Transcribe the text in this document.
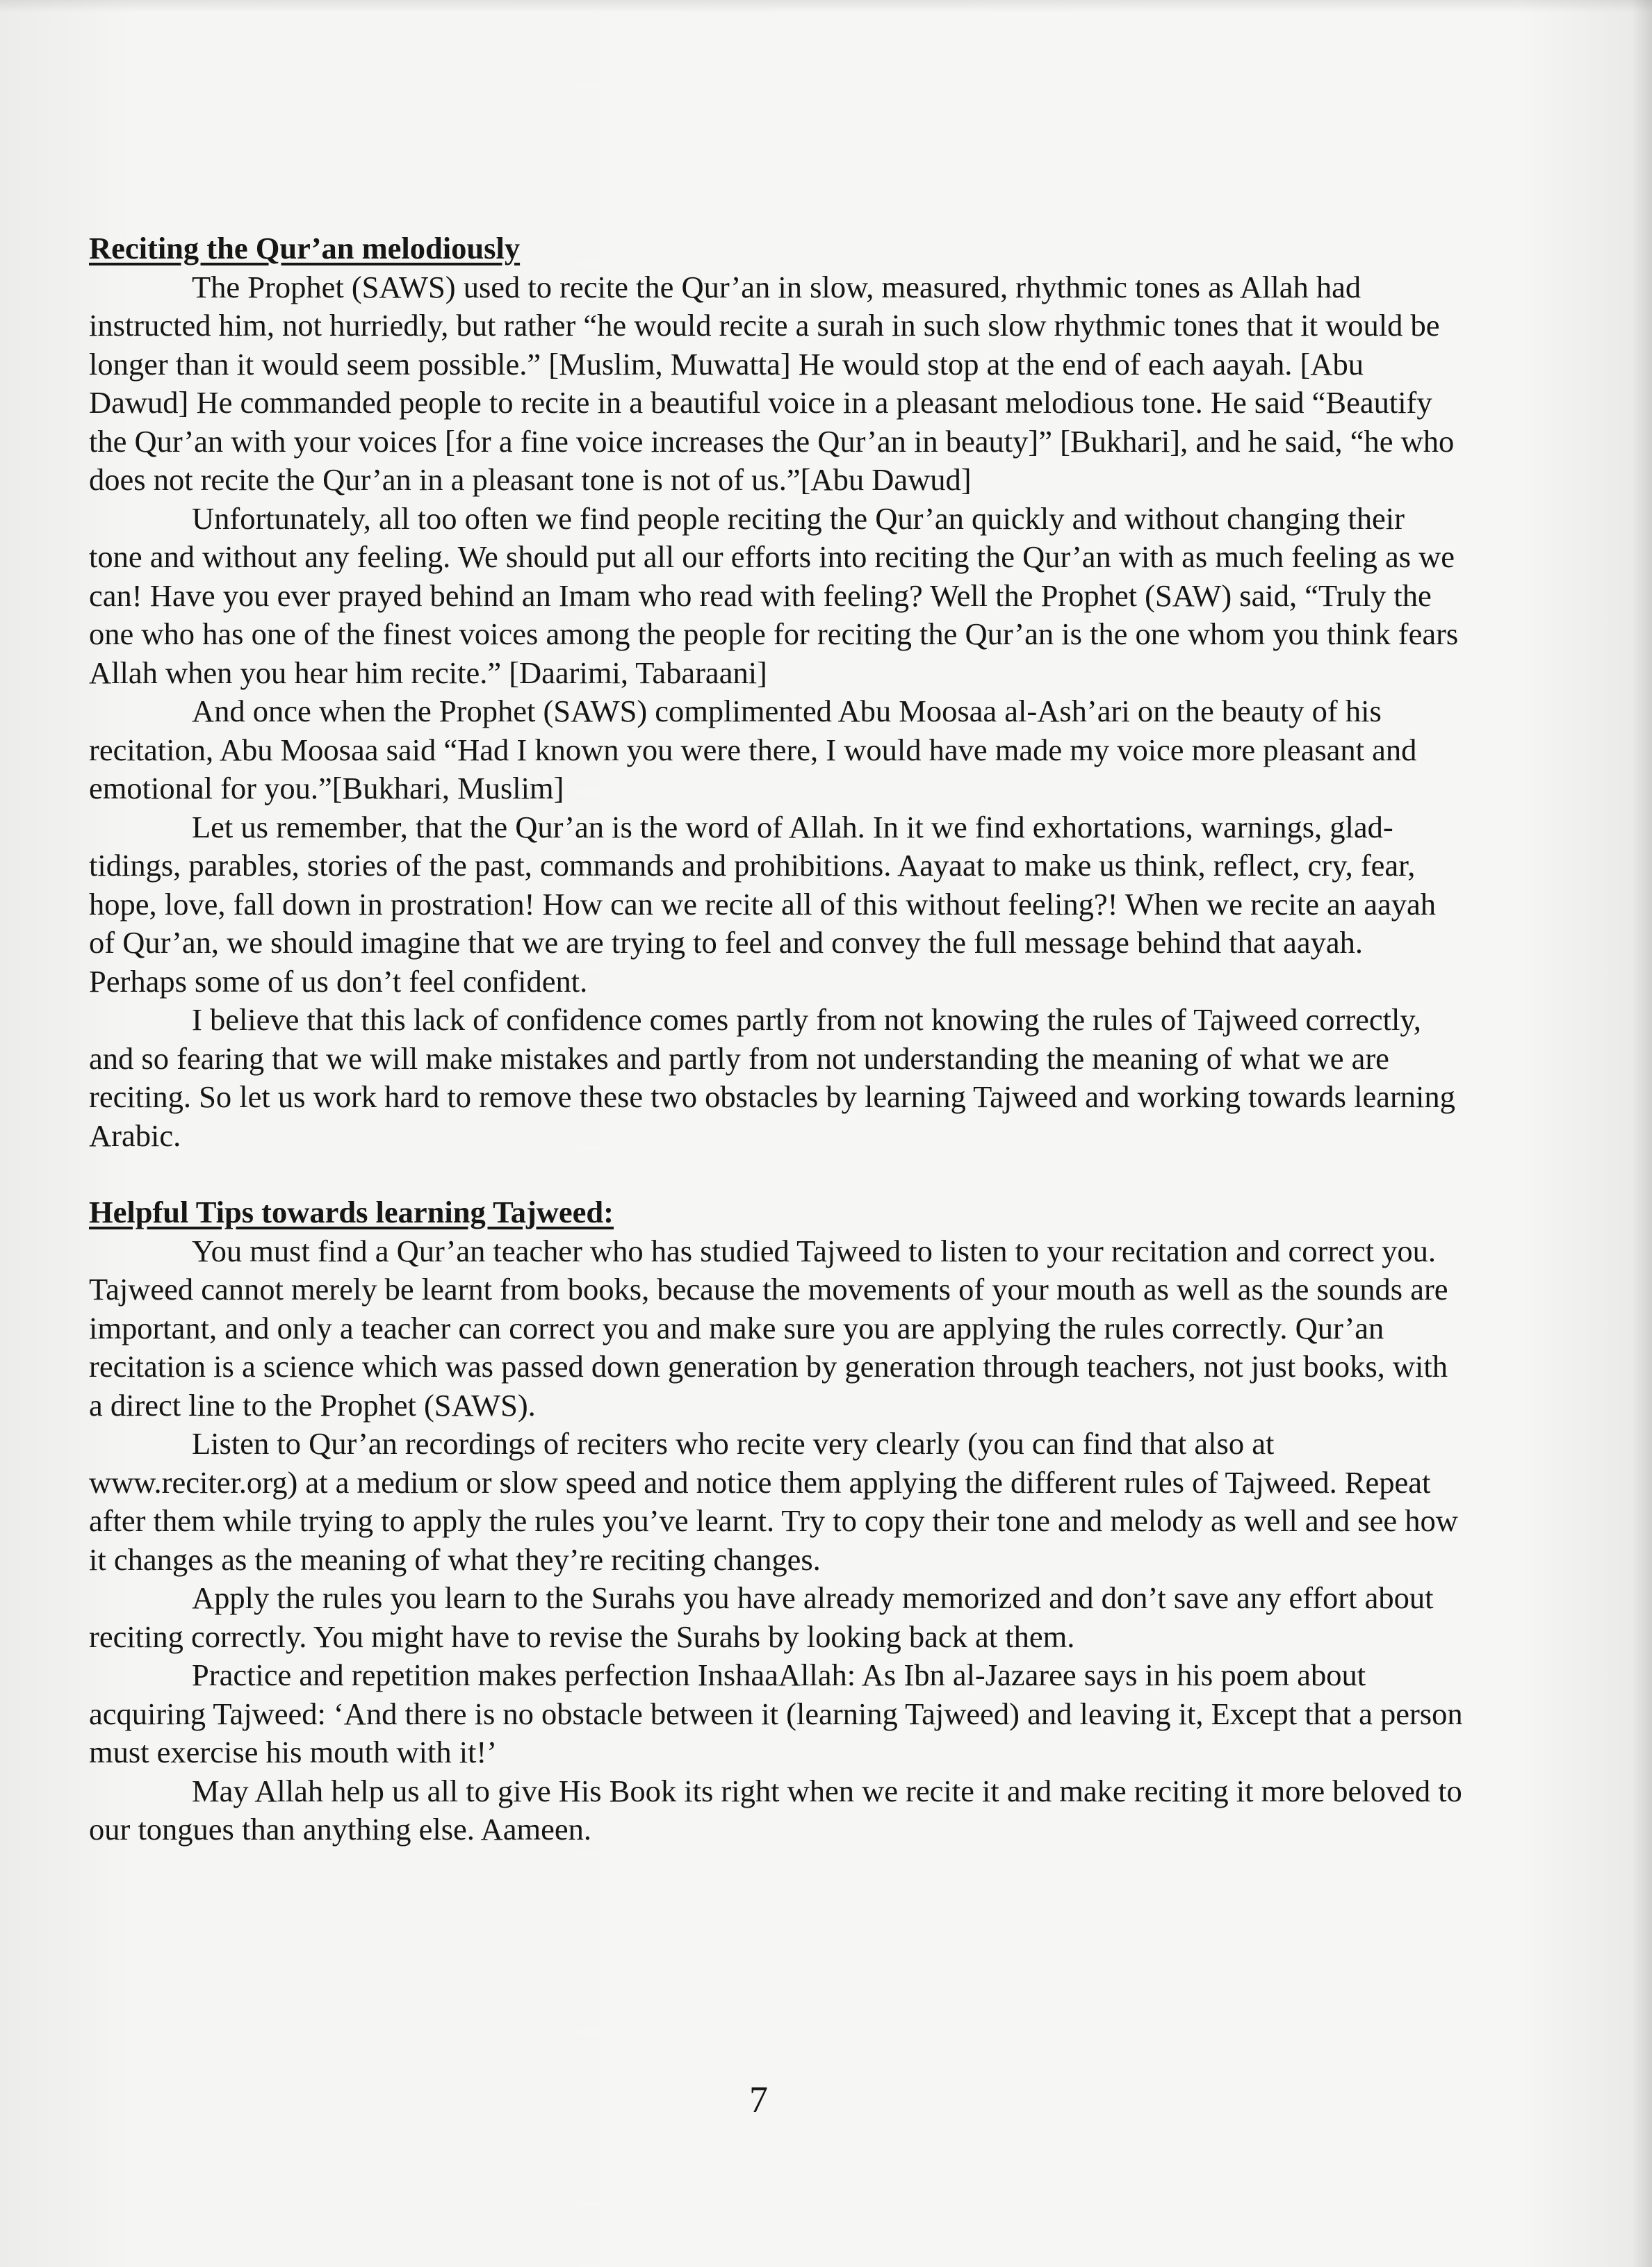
Reciting the Qur’an melodiously

The Prophet (SAWS) used to recite the Qur’an in slow, measured, rhythmic tones as Allah had instructed him, not hurriedly, but rather “he would recite a surah in such slow rhythmic tones that it would be longer than it would seem possible.” [Muslim, Muwatta] He would stop at the end of each aayah. [Abu Dawud] He commanded people to recite in a beautiful voice in a pleasant melodious tone. He said “Beautify the Qur’an with your voices [for a fine voice increases the Qur’an in beauty]” [Bukhari], and he said, “he who does not recite the Qur’an in a pleasant tone is not of us.”[Abu Dawud]

Unfortunately, all too often we find people reciting the Qur’an quickly and without changing their tone and without any feeling. We should put all our efforts into reciting the Qur’an with as much feeling as we can! Have you ever prayed behind an Imam who read with feeling? Well the Prophet (SAW) said, “Truly the one who has one of the finest voices among the people for reciting the Qur’an is the one whom you think fears Allah when you hear him recite.” [Daarimi, Tabaraani]

And once when the Prophet (SAWS) complimented Abu Moosaa al-Ash’ari on the beauty of his recitation, Abu Moosaa said “Had I known you were there, I would have made my voice more pleasant and emotional for you.”[Bukhari, Muslim]

Let us remember, that the Qur’an is the word of Allah. In it we find exhortations, warnings, glad-tidings, parables, stories of the past, commands and prohibitions. Aayaat to make us think, reflect, cry, fear, hope, love, fall down in prostration! How can we recite all of this without feeling?! When we recite an aayah of Qur’an, we should imagine that we are trying to feel and convey the full message behind that aayah. Perhaps some of us don’t feel confident.

I believe that this lack of confidence comes partly from not knowing the rules of Tajweed correctly, and so fearing that we will make mistakes and partly from not understanding the meaning of what we are reciting. So let us work hard to remove these two obstacles by learning Tajweed and working towards learning Arabic.

Helpful Tips towards learning Tajweed:

You must find a Qur’an teacher who has studied Tajweed to listen to your recitation and correct you. Tajweed cannot merely be learnt from books, because the movements of your mouth as well as the sounds are important, and only a teacher can correct you and make sure you are applying the rules correctly. Qur’an recitation is a science which was passed down generation by generation through teachers, not just books, with a direct line to the Prophet (SAWS).

Listen to Qur’an recordings of reciters who recite very clearly (you can find that also at www.reciter.org) at a medium or slow speed and notice them applying the different rules of Tajweed. Repeat after them while trying to apply the rules you’ve learnt. Try to copy their tone and melody as well and see how it changes as the meaning of what they’re reciting changes.

Apply the rules you learn to the Surahs you have already memorized and don’t save any effort about reciting correctly. You might have to revise the Surahs by looking back at them.

Practice and repetition makes perfection InshaaAllah: As Ibn al-Jazaree says in his poem about acquiring Tajweed: ‘And there is no obstacle between it (learning Tajweed) and leaving it, Except that a person must exercise his mouth with it!’

May Allah help us all to give His Book its right when we recite it and make reciting it more beloved to our tongues than anything else. Aameen.

7
